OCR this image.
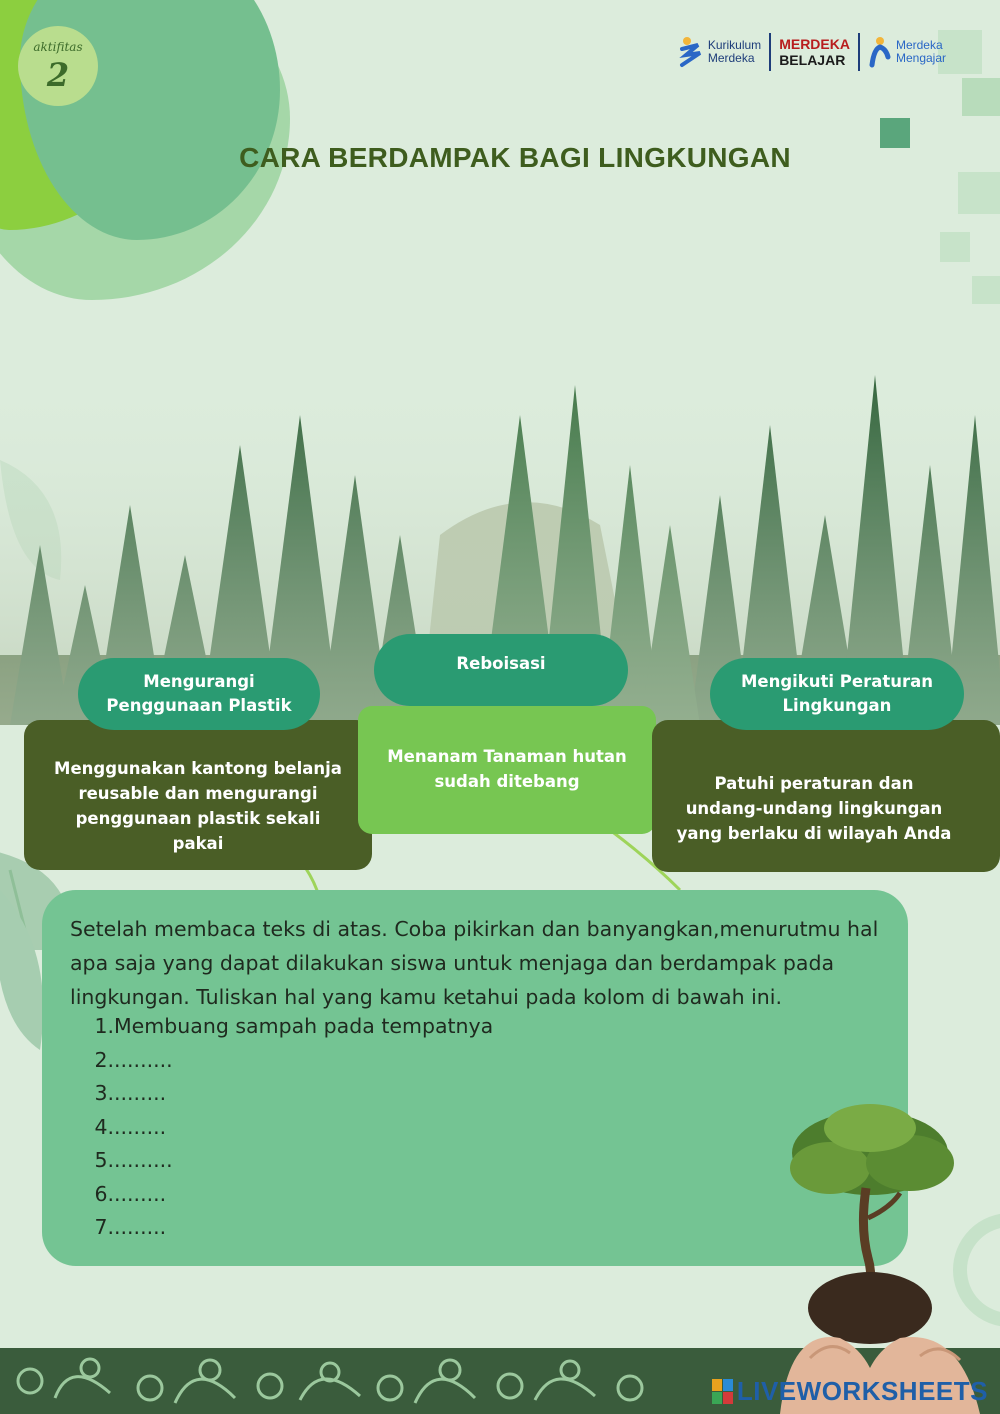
aktifitas
2
Kurikulum
Merdeka
MERDEKA
BELAJAR
Merdeka
Mengajar
CARA BERDAMPAK BAGI LINGKUNGAN
Menggunakan kantong belanja reusable dan mengurangi penggunaan plastik sekali pakai
Mengurangi Penggunaan Plastik
Menanam Tanaman hutan sudah ditebang
Reboisasi
Patuhi peraturan dan undang-undang lingkungan yang berlaku di wilayah Anda
Mengikuti Peraturan Lingkungan
Setelah membaca teks di atas. Coba pikirkan dan banyangkan,menurutmu hal apa saja yang dapat dilakukan siswa untuk menjaga dan berdampak pada lingkungan. Tuliskan hal yang kamu ketahui pada kolom di bawah ini.
1. Membuang sampah pada tempatnya
2. .........
3. ........
4. ........
5. .........
6. ........
7. ........
LIVEWORKSHEETS
